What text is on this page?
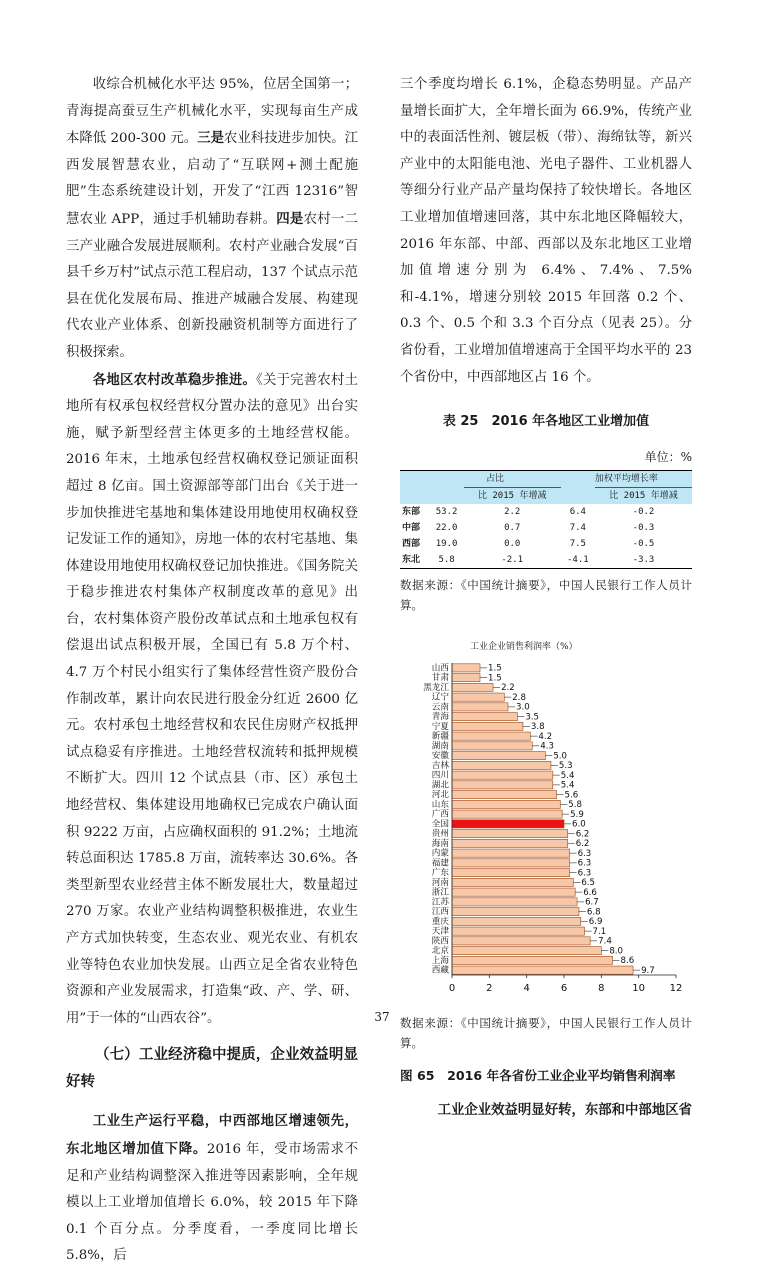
收综合机械化水平达 95%，位居全国第一；青海提高蚕豆生产机械化水平，实现每亩生产成本降低 200-300 元。三是农业科技进步加快。江西发展智慧农业，启动了“互联网+测土配施肥”生态系统建设计划，开发了“江西 12316”智慧农业 APP，通过手机辅助春耕。四是农村一二三产业融合发展进展顺利。农村产业融合发展“百县千乡万村”试点示范工程启动，137 个试点示范县在优化发展布局、推进产城融合发展、构建现代农业产业体系、创新投融资机制等方面进行了积极探索。

各地区农村改革稳步推进。《关于完善农村土地所有权承包权经营权分置办法的意见》出台实施，赋予新型经营主体更多的土地经营权能。2016 年末，土地承包经营权确权登记颁证面积超过 8 亿亩。国土资源部等部门出台《关于进一步加快推进宅基地和集体建设用地使用权确权登记发证工作的通知》，房地一体的农村宅基地、集体建设用地使用权确权登记加快推进。《国务院关于稳步推进农村集体产权制度改革的意见》出台，农村集体资产股份改革试点和土地承包权有偿退出试点积极开展，全国已有 5.8 万个村、4.7 万个村民小组实行了集体经营性资产股份合作制改革，累计向农民进行股金分红近 2600 亿元。农村承包土地经营权和农民住房财产权抵押试点稳妥有序推进。土地经营权流转和抵押规模不断扩大。四川 12 个试点县（市、区）承包土地经营权、集体建设用地确权已完成农户确认面积 9222 万亩，占应确权面积的 91.2%；土地流转总面积达 1785.8 万亩，流转率达 30.6%。各类型新型农业经营主体不断发展壮大，数量超过 270 万家。农业产业结构调整积极推进，农业生产方式加快转变，生态农业、观光农业、有机农业等特色农业加快发展。山西立足全省农业特色资源和产业发展需求，打造集“政、产、学、研、用”于一体的“山西农谷”。

（七）工业经济稳中提质，企业效益明显好转

工业生产运行平稳，中西部地区增速领先，东北地区增加值下降。2016 年，受市场需求不足和产业结构调整深入推进等因素影响，全年规模以上工业增加值增长 6.0%，较 2015 年下降 0.1 个百分点。分季度看，一季度同比增长 5.8%，后

三个季度均增长 6.1%，企稳态势明显。产品产量增长面扩大，全年增长面为 66.9%，传统产业中的表面活性剂、镀层板（带）、海绵钛等，新兴产业中的太阳能电池、光电子器件、工业机器人等细分行业产品产量均保持了较快增长。各地区工业增加值增速回落，其中东北地区降幅较大，2016 年东部、中部、西部以及东北地区工业增加值增速分别为 6.4%、7.4%、7.5%和-4.1%，增速分别较 2015 年回落 0.2 个、0.3 个、0.5 个和 3.3 个百分点（见表 25）。分省份看，工业增加值增速高于全国平均水平的 23 个省份中，中西部地区占 16 个。

表 25　2016 年各地区工业增加值
单位：%
	占比		加权平均增长率	
		比 2015 年增减		比 2015 年增减
东部	53.2	2.2	6.4	-0.2
中部	22.0	0.7	7.4	-0.3
西部	19.0	0.0	7.5	-0.5
东北	5.8	-2.1	-4.1	-3.3
数据来源：《中国统计摘要》，中国人民银行工作人员计算。
工业企业销售利润率（%）
山西	1.5
甘肃	1.5
黑龙江	2.2
辽宁	2.8
云南	3.0
青海	3.5
宁夏	3.8
新疆	4.2
湖南	4.3
安徽	5.0
吉林	5.3
四川	5.4
湖北	5.4
河北	5.6
山东	5.8
广西	5.9
全国	6.0
贵州	6.2
海南	6.2
内蒙	6.3
福建	6.3
广东	6.3
河南	6.5
浙江	6.6
江苏	6.7
江西	6.8
重庆	6.9
天津	7.1
陕西	7.4
北京	8.0
上海	8.6
西藏	9.7
0	2	4	6	8	10 12
数据来源：《中国统计摘要》，中国人民银行工作人员计算。
图 65　2016 年各省份工业企业平均销售利润率

工业企业效益明显好转，东部和中部地区省

37
